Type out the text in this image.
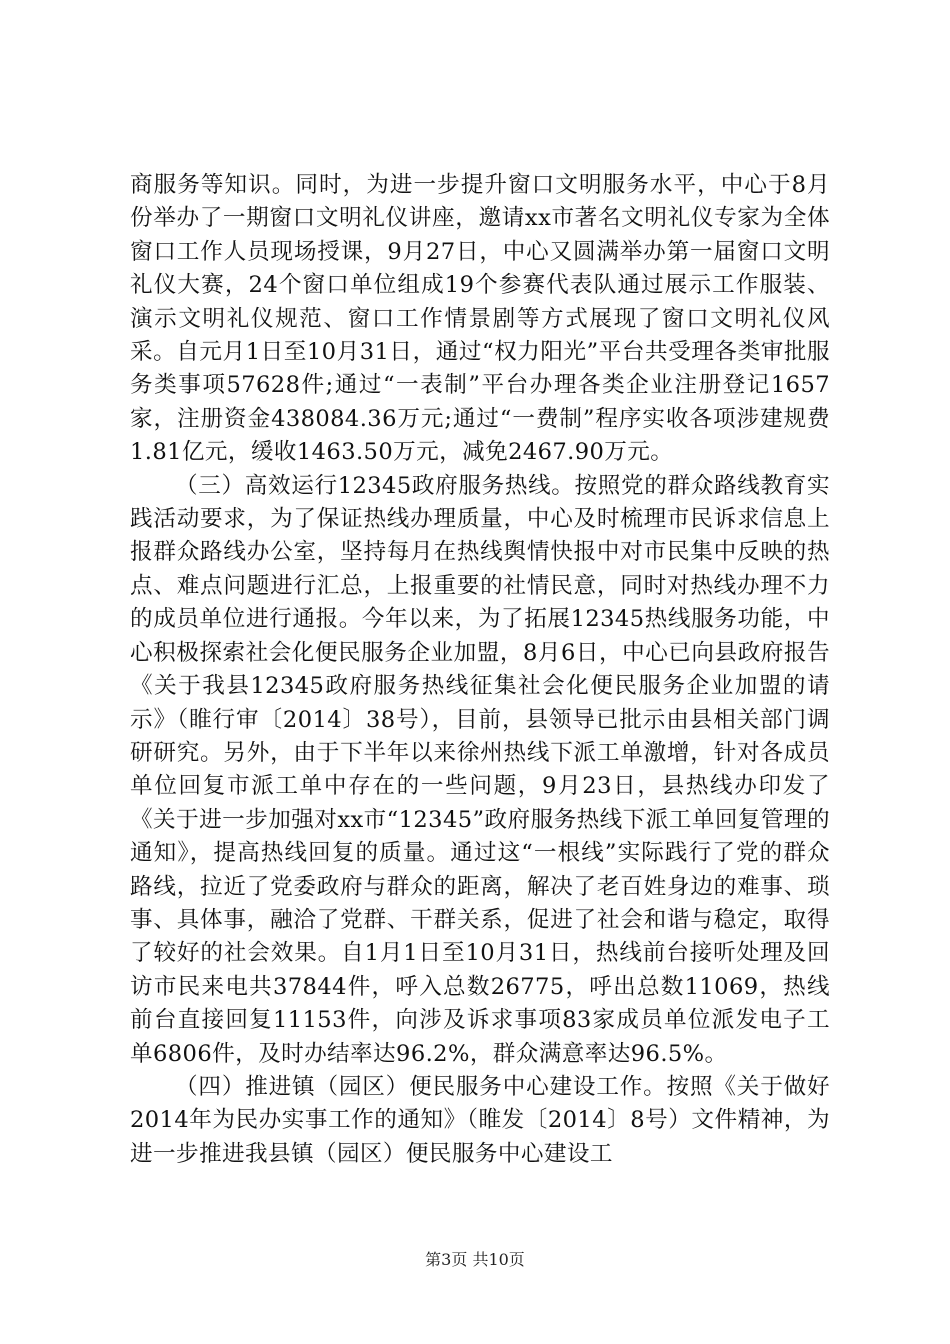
商服务等知识。同时，为进一步提升窗口文明服务水平，中心于8月份举办了一期窗口文明礼仪讲座，邀请xx市著名文明礼仪专家为全体窗口工作人员现场授课，9月27日，中心又圆满举办第一届窗口文明礼仪大赛，24个窗口单位组成19个参赛代表队通过展示工作服装、演示文明礼仪规范、窗口工作情景剧等方式展现了窗口文明礼仪风采。自元月1日至10月31日，通过“权力阳光”平台共受理各类审批服务类事项57628件;通过“一表制”平台办理各类企业注册登记1657家，注册资金438084.36万元;通过“一费制”程序实收各项涉建规费1.81亿元，缓收1463.50万元，减免2467.90万元。

（三）高效运行12345政府服务热线。按照党的群众路线教育实践活动要求，为了保证热线办理质量，中心及时梳理市民诉求信息上报群众路线办公室，坚持每月在热线舆情快报中对市民集中反映的热点、难点问题进行汇总，上报重要的社情民意，同时对热线办理不力的成员单位进行通报。今年以来，为了拓展12345热线服务功能，中心积极探索社会化便民服务企业加盟，8月6日，中心已向县政府报告《关于我县12345政府服务热线征集社会化便民服务企业加盟的请示》（睢行审〔2014〕38号），目前，县领导已批示由县相关部门调研研究。另外，由于下半年以来徐州热线下派工单激增，针对各成员单位回复市派工单中存在的一些问题，9月23日，县热线办印发了《关于进一步加强对xx市“12345”政府服务热线下派工单回复管理的通知》，提高热线回复的质量。通过这“一根线”实际践行了党的群众路线，拉近了党委政府与群众的距离，解决了老百姓身边的难事、琐事、具体事，融洽了党群、干群关系，促进了社会和谐与稳定，取得了较好的社会效果。自1月1日至10月31日，热线前台接听处理及回访市民来电共37844件，呼入总数26775，呼出总数11069，热线前台直接回复11153件，向涉及诉求事项83家成员单位派发电子工单6806件，及时办结率达96.2%，群众满意率达96.5%。

（四）推进镇（园区）便民服务中心建设工作。按照《关于做好2014年为民办实事工作的通知》（睢发〔2014〕8号）文件精神，为进一步推进我县镇（园区）便民服务中心建设工

第3页 共10页
